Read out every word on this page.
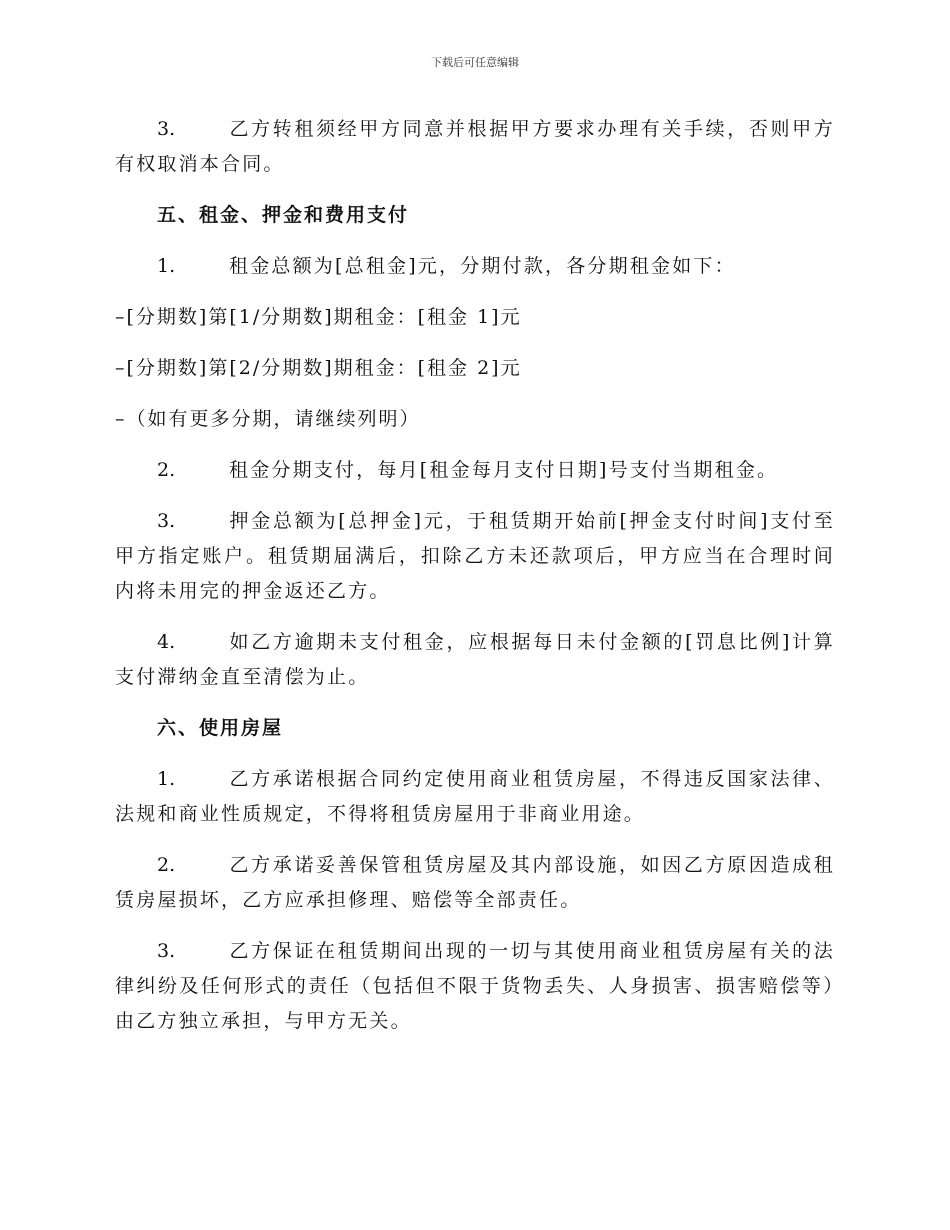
下载后可任意编辑

3.	乙方转租须经甲方同意并根据甲方要求办理有关手续，否则甲方有权取消本合同。

五、租金、押金和费用支付

1.	租金总额为[总租金]元，分期付款，各分期租金如下：

–[分期数]第[1/分期数]期租金：[租金 1]元

–[分期数]第[2/分期数]期租金：[租金 2]元

–（如有更多分期，请继续列明）

2.	租金分期支付，每月[租金每月支付日期]号支付当期租金。

3.	押金总额为[总押金]元，于租赁期开始前[押金支付时间]支付至甲方指定账户。租赁期届满后，扣除乙方未还款项后，甲方应当在合理时间内将未用完的押金返还乙方。

4.	如乙方逾期未支付租金，应根据每日未付金额的[罚息比例]计算支付滞纳金直至清偿为止。

六、使用房屋

1.	乙方承诺根据合同约定使用商业租赁房屋，不得违反国家法律、法规和商业性质规定，不得将租赁房屋用于非商业用途。

2.	乙方承诺妥善保管租赁房屋及其内部设施，如因乙方原因造成租赁房屋损坏，乙方应承担修理、赔偿等全部责任。

3.	乙方保证在租赁期间出现的一切与其使用商业租赁房屋有关的法律纠纷及任何形式的责任（包括但不限于货物丢失、人身损害、损害赔偿等）由乙方独立承担，与甲方无关。
